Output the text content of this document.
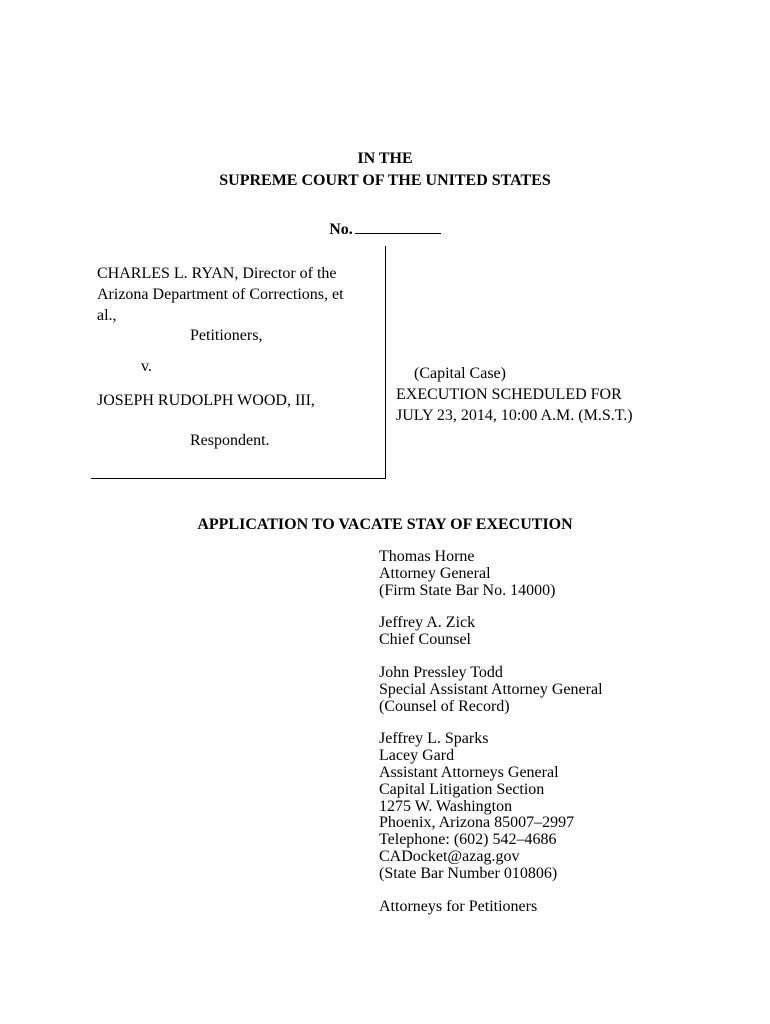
IN THE
SUPREME COURT OF THE UNITED STATES
No.
CHARLES L. RYAN, Director of the
Arizona Department of Corrections, et
al.,
Petitioners,
v.
JOSEPH RUDOLPH WOOD, III,
Respondent.
(Capital Case)
EXECUTION SCHEDULED FOR
JULY 23, 2014, 10:00 A.M. (M.S.T.)
APPLICATION TO VACATE STAY OF EXECUTION
Thomas Horne
Attorney General
(Firm State Bar No. 14000)
Jeffrey A. Zick
Chief Counsel
John Pressley Todd
Special Assistant Attorney General
(Counsel of Record)
Jeffrey L. Sparks
Lacey Gard
Assistant Attorneys General
Capital Litigation Section
1275 W. Washington
Phoenix, Arizona 85007–2997
Telephone: (602) 542–4686
CADocket@azag.gov
(State Bar Number 010806)
Attorneys for Petitioners
